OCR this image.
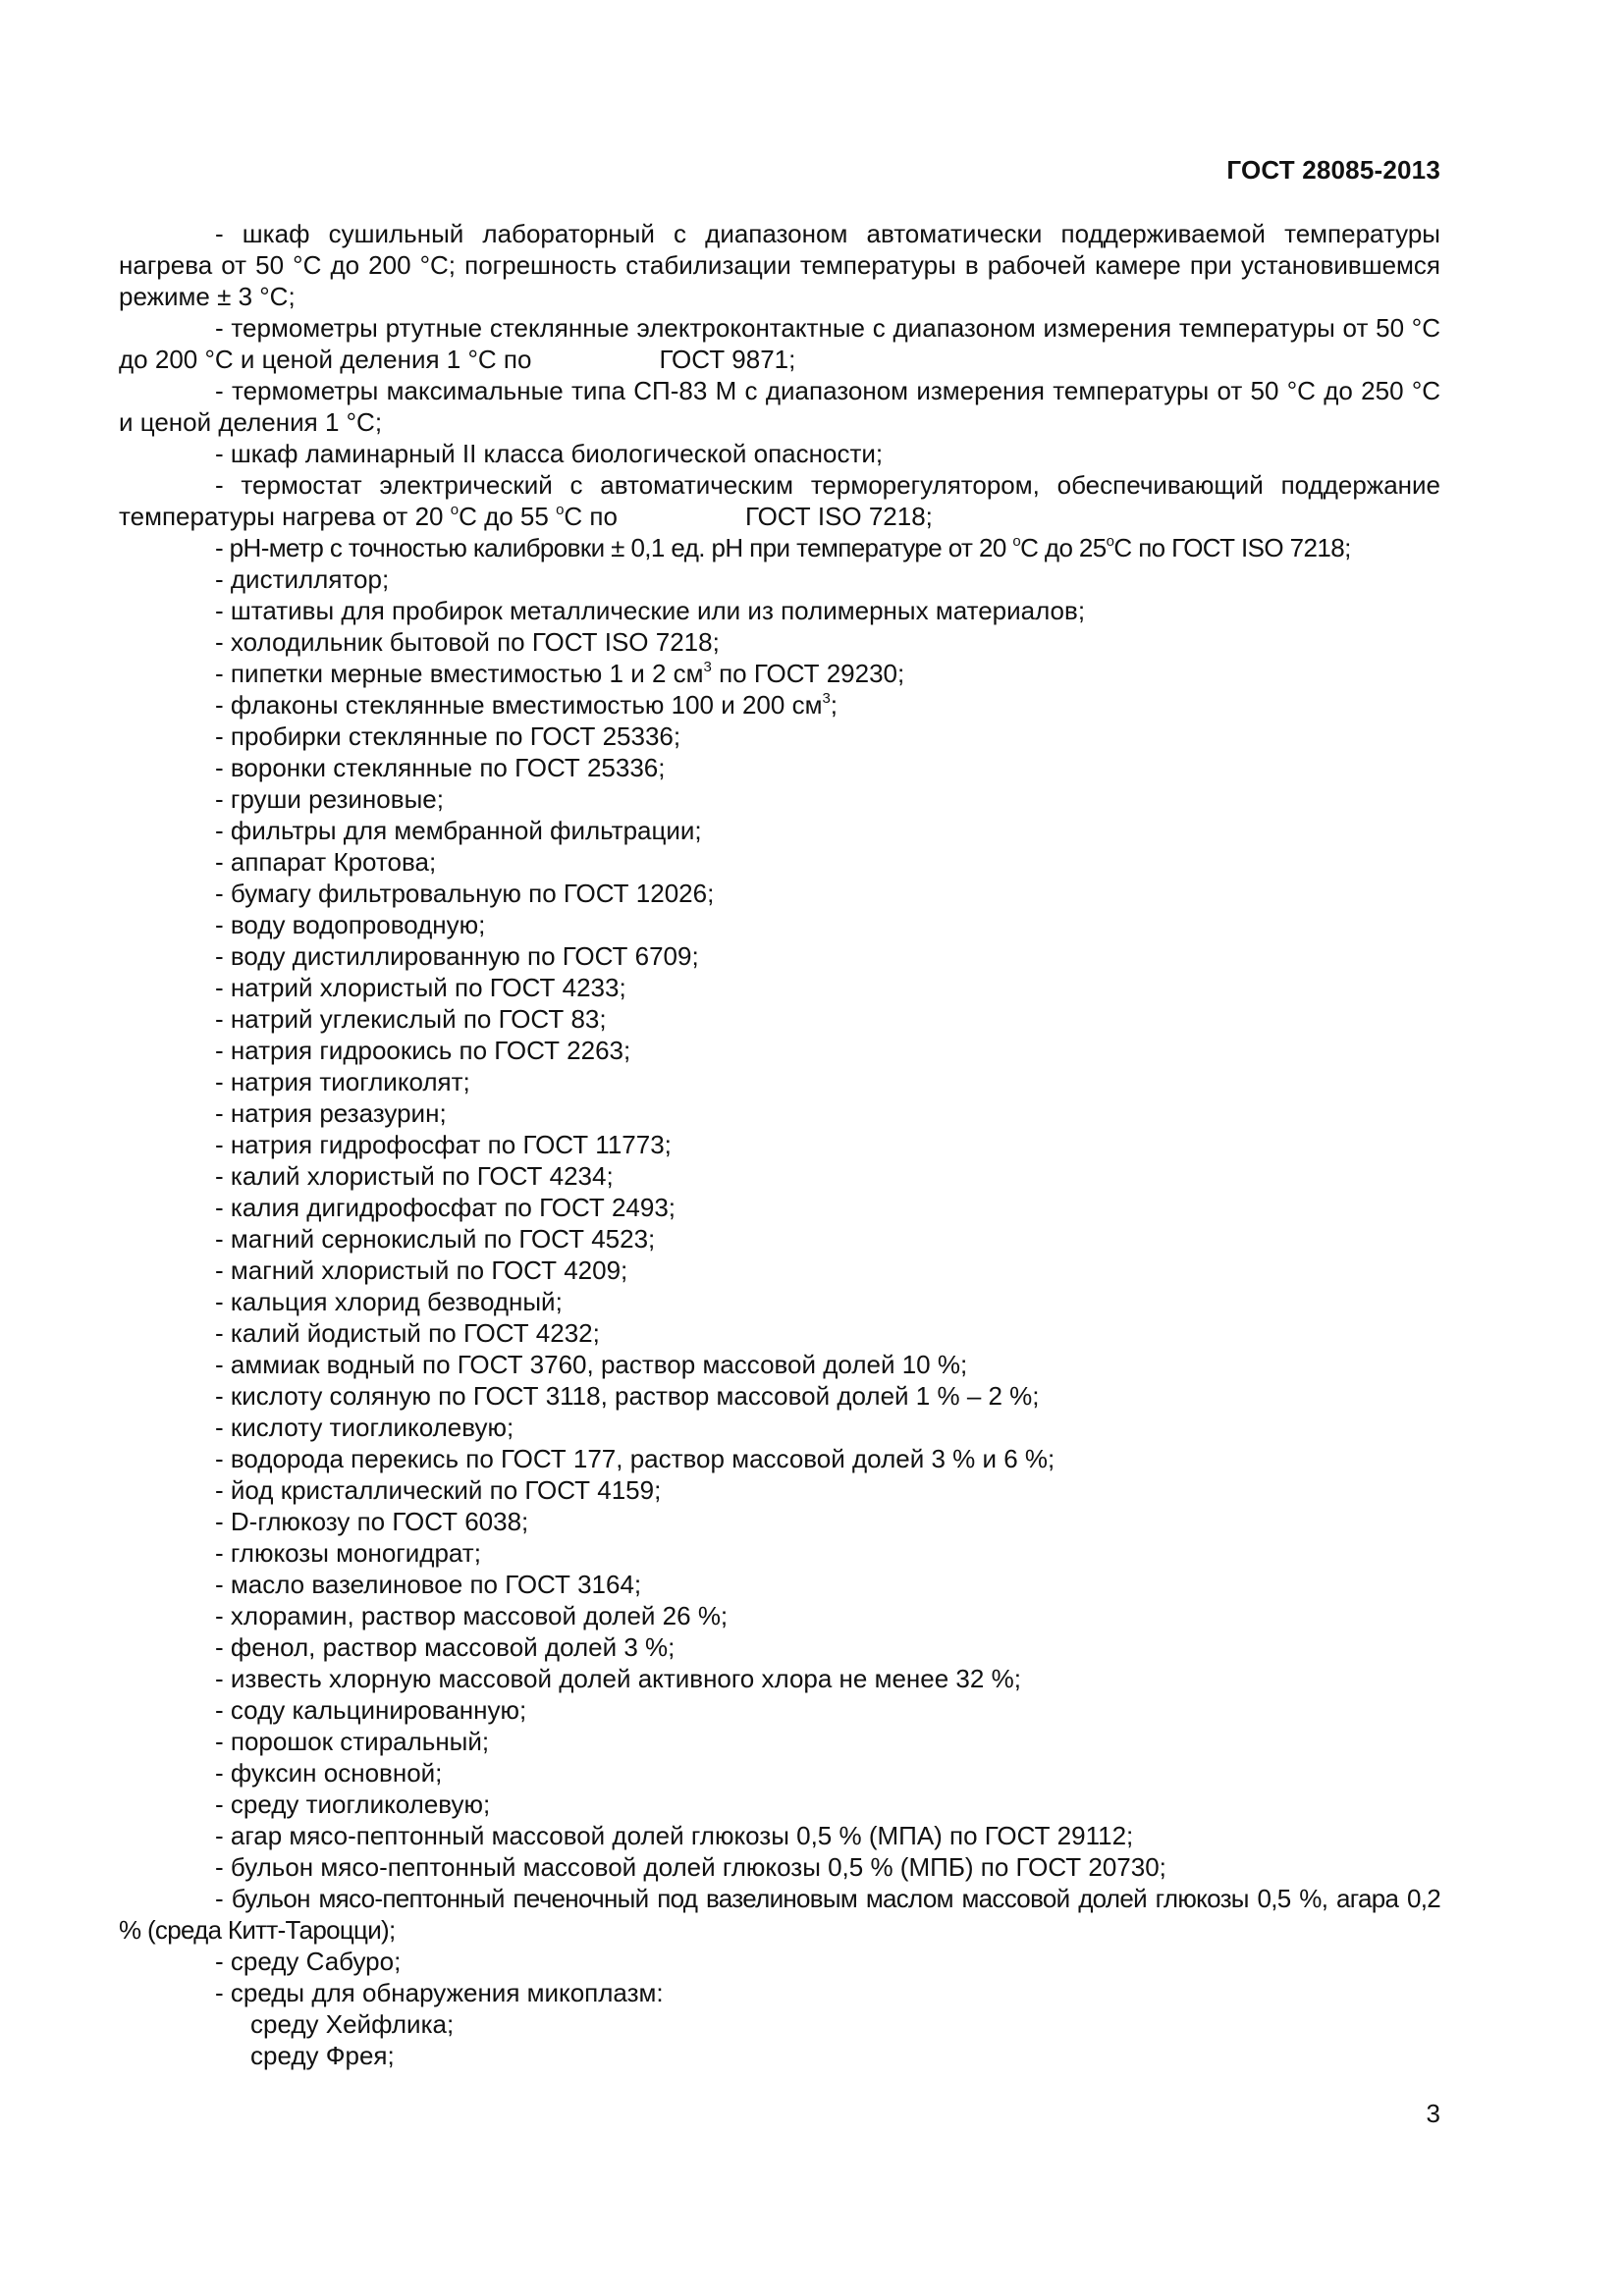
ГОСТ 28085-2013

- шкаф сушильный лабораторный с диапазоном автоматически поддерживаемой температуры нагрева от 50 °С до 200 °С; погрешность стабилизации температуры в рабочей камере при установившемся режиме ± 3 °С;

- термометры ртутные стеклянные электроконтактные с диапазоном измерения температуры от 50 °С до 200 °С и ценой деления 1 °С по	ГОСТ 9871;

- термометры максимальные типа СП-83 М с диапазоном измерения температуры от 50 °С до 250 °С и ценой деления 1 °С;

- шкаф ламинарный II класса биологической опасности;

- термостат электрический с автоматическим терморегулятором, обеспечивающий поддержание температуры нагрева от 20 $^о$С до 55 $^о$С по	ГОСТ ISO 7218;

- рН-метр с точностью калибровки ± 0,1 ед. рН при температуре от 20 $^о$С до $25^оС$ по ГОСТ ISO 7218;

- дистиллятор;

- штативы для пробирок металлические или из полимерных материалов;

- холодильник бытовой по ГОСТ ISO 7218;

- пипетки мерные вместимостью 1 и 2 $см^3$ по ГОСТ 29230;

- флаконы стеклянные вместимостью 100 и 200 $см^3$;

- пробирки стеклянные по ГОСТ 25336;

- воронки стеклянные по ГОСТ 25336;

- груши резиновые;

- фильтры для мембранной фильтрации;

- аппарат Кротова;

- бумагу фильтровальную по ГОСТ 12026;

- воду водопроводную;

- воду дистиллированную по ГОСТ 6709;

- натрий хлористый по ГОСТ 4233;

- натрий углекислый по ГОСТ 83;

- натрия гидроокись по ГОСТ 2263;

- натрия тиогликолят;

- натрия резазурин;

- натрия гидрофосфат по ГОСТ 11773;

- калий хлористый по ГОСТ 4234;

- калия дигидрофосфат по ГОСТ 2493;

- магний сернокислый по ГОСТ 4523;

- магний хлористый по ГОСТ 4209;

- кальция хлорид безводный;

- калий йодистый по ГОСТ 4232;

- аммиак водный по ГОСТ 3760, раствор массовой долей 10 %;

- кислоту соляную по ГОСТ 3118, раствор массовой долей 1 % – 2 %;

- кислоту тиогликолевую;

- водорода перекись по ГОСТ 177, раствор массовой долей 3 % и 6 %;

- йод кристаллический по ГОСТ 4159;

- D-глюкозу по ГОСТ 6038;

- глюкозы моногидрат;

- масло вазелиновое по ГОСТ 3164;

- хлорамин, раствор массовой долей 26 %;

- фенол, раствор массовой долей 3 %;

- известь хлорную массовой долей активного хлора не менее 32 %;

- соду кальцинированную;

- порошок стиральный;

- фуксин основной;

- среду тиогликолевую;

- агар мясо-пептонный массовой долей глюкозы 0,5 % (МПА) по ГОСТ 29112;

- бульон мясо-пептонный массовой долей глюкозы 0,5 % (МПБ) по ГОСТ 20730;

- бульон мясо-пептонный печеночный под вазелиновым маслом массовой долей глюкозы 0,5 %, агара 0,2 % (среда Китт-Тароцци);

- среду Сабуро;

- среды для обнаружения микоплазм:

среду Хейфлика;

среду Фрея;

3
